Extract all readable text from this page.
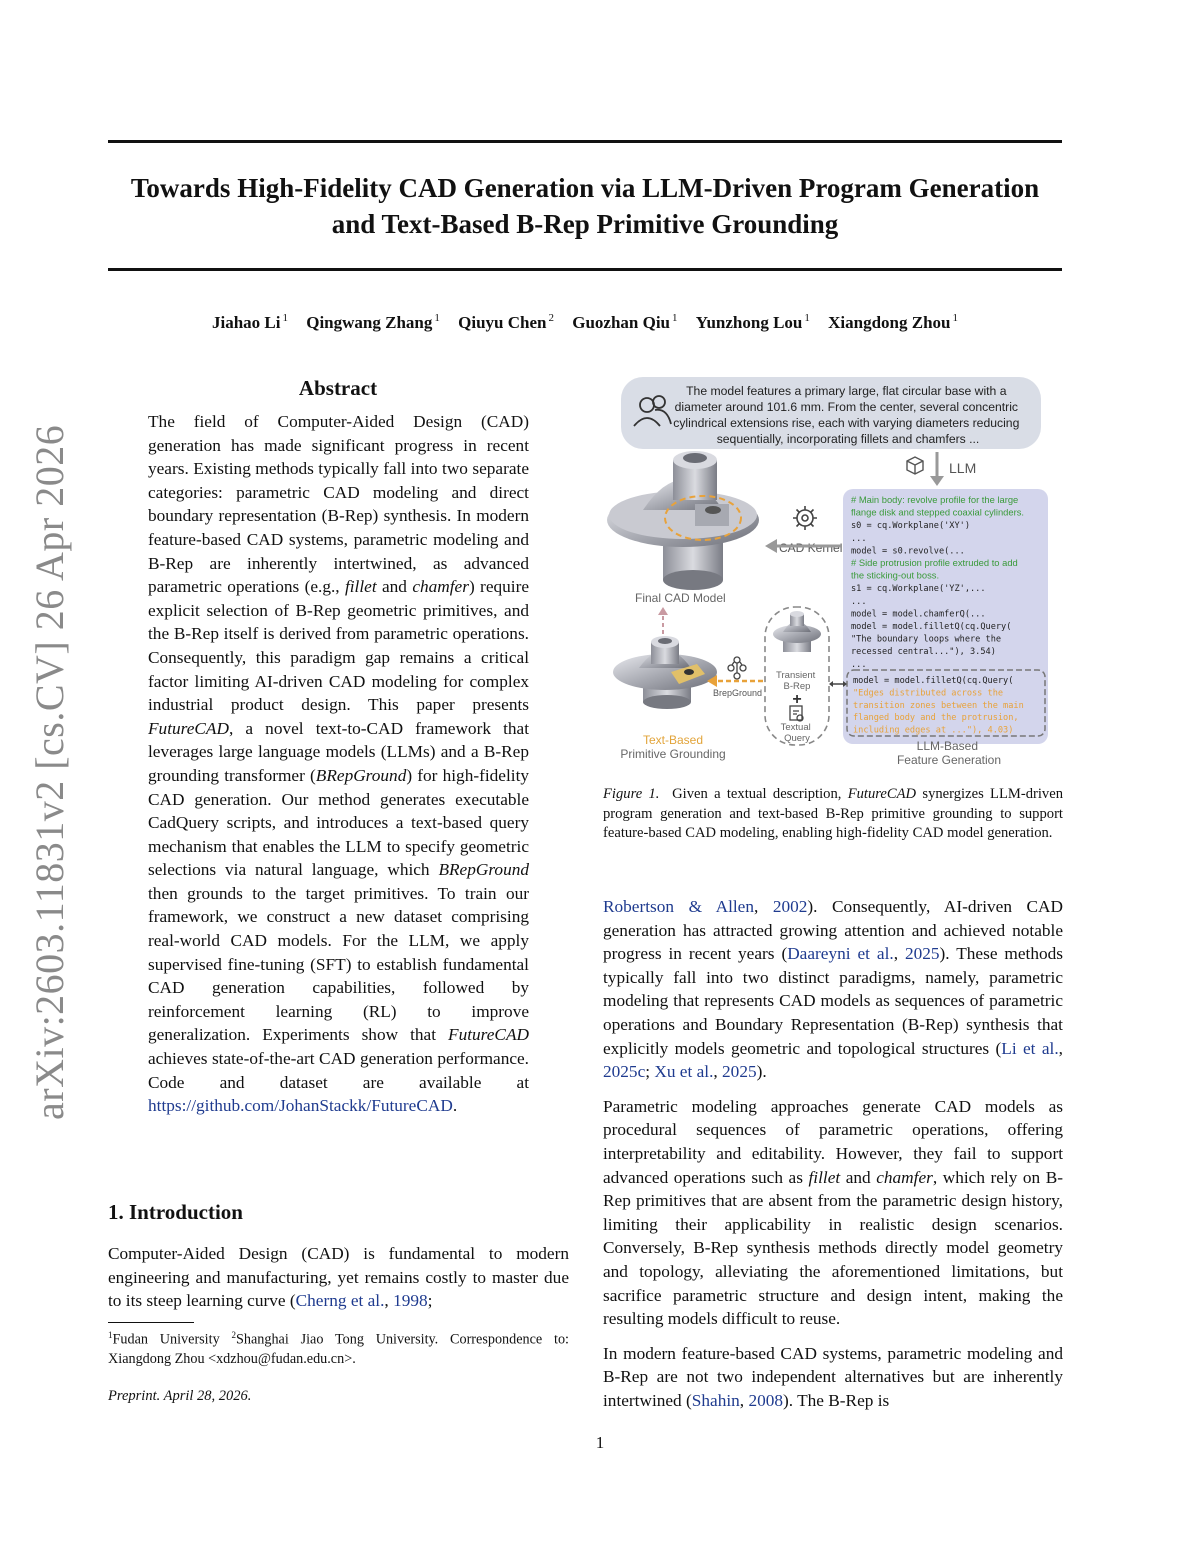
arXiv:2603.11831v2 [cs.CV] 26 Apr 2026
Towards High-Fidelity CAD Generation via LLM-Driven Program Generation
and Text-Based B-Rep Primitive Grounding
Jiahao Li $^1$ Qingwang Zhang $^1$ Qiuyu Chen $^2$ Guozhan Qiu $^1$ Yunzhong Lou $^1$ Xiangdong Zhou $^1$
Abstract

The field of Computer-Aided Design (CAD) generation has made significant progress in recent years. Existing methods typically fall into two separate categories: parametric CAD modeling and direct boundary representation (B-Rep) synthesis. In modern feature-based CAD systems, parametric modeling and B-Rep are inherently intertwined, as advanced parametric operations (e.g., fillet and chamfer) require explicit selection of B-Rep geometric primitives, and the B-Rep itself is derived from parametric operations. Consequently, this paradigm gap remains a critical factor limiting AI-driven CAD modeling for complex industrial product design. This paper presents FutureCAD, a novel text-to-CAD framework that leverages large language models (LLMs) and a B-Rep grounding transformer (BRepGround) for high-fidelity CAD generation. Our method generates executable CadQuery scripts, and introduces a text-based query mechanism that enables the LLM to specify geometric selections via natural language, which BRepGround then grounds to the target primitives. To train our framework, we construct a new dataset comprising real-world CAD models. For the LLM, we apply supervised fine-tuning (SFT) to establish fundamental CAD generation capabilities, followed by reinforcement learning (RL) to improve generalization. Experiments show that FutureCAD achieves state-of-the-art CAD generation performance. Code and dataset are available at https://github.com/JohanStackk/FutureCAD.

1. Introduction

Computer-Aided Design (CAD) is fundamental to modern engineering and manufacturing, yet remains costly to master due to its steep learning curve (Cherng et al., 1998;

$^1$Fudan University $^2$Shanghai Jiao Tong University. Correspondence to: Xiangdong Zhou <xdzhou@fudan.edu.cn>.
Preprint. April 28, 2026.
1
The model features a primary large, flat circular base with a diameter around 101.6 mm. From the center, several concentric cylindrical extensions rise, each with varying diameters reducing sequentially, incorporating fillets and chamfers ...
LLM
# Main body: revolve profile for the large flange disk and stepped coaxial cylinders. s0 = cq.Workplane('XY') ... model = s0.revolve(... # Side protrusion profile extruded to add the sticking-out boss. s1 = cq.Workplane('YZ',... ... model = model.chamferQ(... model = model.filletQ(cq.Query( "The boundary loops where the recessed central..."), 3.54) ...
model = model.filletQ(cq.Query( "Edges distributed across the transition zones between the main flanged body and the protrusion, including edges at ..."), 4.03)
CAD Kernel
Final CAD Model
Text-Based
Primitive Grounding
BrepGround
Transient B-Rep
+
Textual Query
LLM-Based Feature Generation
Figure 1. Given a textual description, FutureCAD synergizes LLM-driven program generation and text-based B-Rep primitive grounding to support feature-based CAD modeling, enabling high-fidelity CAD model generation.

Robertson & Allen, 2002). Consequently, AI-driven CAD generation has attracted growing attention and achieved notable progress in recent years (Daareyni et al., 2025). These methods typically fall into two distinct paradigms, namely, parametric modeling that represents CAD models as sequences of parametric operations and Boundary Representation (B-Rep) synthesis that explicitly models geometric and topological structures (Li et al., 2025c; Xu et al., 2025).

Parametric modeling approaches generate CAD models as procedural sequences of parametric operations, offering interpretability and editability. However, they fail to support advanced operations such as fillet and chamfer, which rely on B-Rep primitives that are absent from the parametric design history, limiting their applicability in realistic design scenarios. Conversely, B-Rep synthesis methods directly model geometry and topology, alleviating the aforementioned limitations, but sacrifice parametric structure and design intent, making the resulting models difficult to reuse.

In modern feature-based CAD systems, parametric modeling and B-Rep are not two independent alternatives but are inherently intertwined (Shahin, 2008). The B-Rep is
